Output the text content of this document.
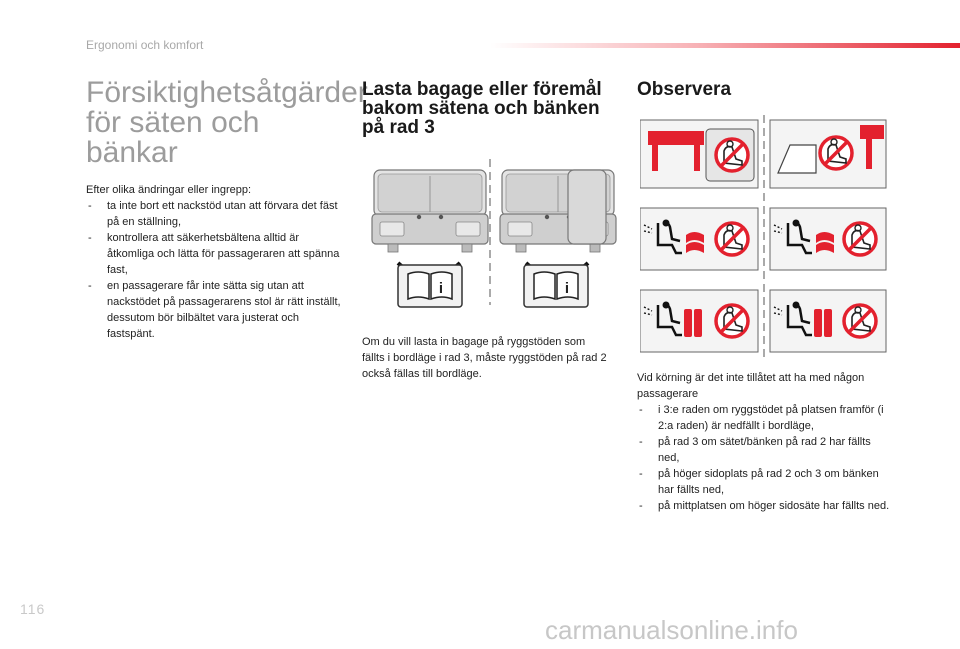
Ergonomi och komfort
Försiktighetsåtgärder för säten och bänkar

Efter olika ändringar eller ingrepp:

- ta inte bort ett nackstöd utan att förvara det fäst på en ställning,
- kontrollera att säkerhetsbältena alltid är åtkomliga och lätta för passageraren att spänna fast,
- en passagerare får inte sätta sig utan att nackstödet på passagerarens stol är rätt inställt, dessutom bör bilbältet vara justerat och fastspänt.
Lasta bagage eller föremål bakom sätena och bänken på rad 3

Om du vill lasta in bagage på ryggstöden som fällts i bordläge i rad 3, måste ryggstöden på rad 2 också fällas till bordläge.

Observera

Vid körning är det inte tillåtet att ha med någon passagerare

- i 3:e raden om ryggstödet på platsen framför (i 2:a raden) är nedfällt i bordläge,
- på rad 3 om sätet/bänken på rad 2 har fällts ned,
- på höger sidoplats på rad 2 och 3 om bänken har fällts ned,
- på mittplatsen om höger sidosäte har fällts ned.
116
carmanualsonline.info
